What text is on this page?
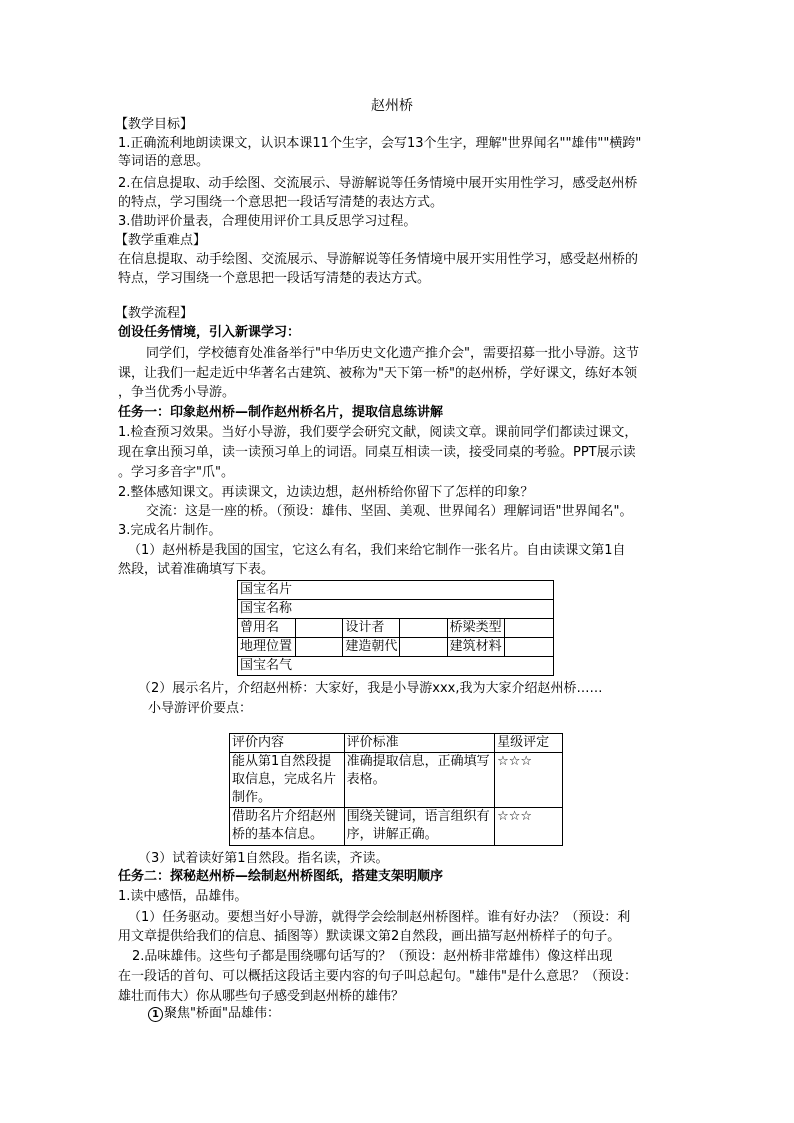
赵州桥
【教学目标】
1.正确流利地朗读课文，认识本课11个生字，会写13个生字，理解"世界闻名""雄伟""横跨"
等词语的意思。
2.在信息提取、动手绘图、交流展示、导游解说等任务情境中展开实用性学习，感受赵州桥
的特点，学习围绕一个意思把一段话写清楚的表达方式。
3.借助评价量表，合理使用评价工具反思学习过程。
【教学重难点】
在信息提取、动手绘图、交流展示、导游解说等任务情境中展开实用性学习，感受赵州桥的
特点，学习围绕一个意思把一段话写清楚的表达方式。
【教学流程】
创设任务情境，引入新课学习：
同学们，学校德育处准备举行"中华历史文化遗产推介会"，需要招募一批小导游。这节
课，让我们一起走近中华著名古建筑、被称为"天下第一桥"的赵州桥，学好课文，练好本领
，争当优秀小导游。
任务一：印象赵州桥—制作赵州桥名片，提取信息练讲解
1.检查预习效果。当好小导游，我们要学会研究文献，阅读文章。课前同学们都读过课文，
现在拿出预习单，读一读预习单上的词语。同桌互相读一读，接受同桌的考验。PPT展示读
。学习多音字"爪"。
2.整体感知课文。再读课文，边读边想，赵州桥给你留下了怎样的印象？
交流：这是一座的桥。（预设：雄伟、坚固、美观、世界闻名）理解词语"世界闻名"。
3.完成名片制作。
（1）赵州桥是我国的国宝，它这么有名，我们来给它制作一张名片。自由读课文第1自
然段，试着准确填写下表。
国宝名片					
国宝名称					
曾用名		设计者		桥梁类型	
地理位置		建造朝代		建筑材料	
国宝名气					
（2）展示名片，介绍赵州桥：大家好，我是小导游xxx,我为大家介绍赵州桥……
小导游评价要点：
评价内容	评价标准	星级评定
能从第1自然段提取信息，完成名片制作。	准确提取信息，正确填写表格。	☆☆☆
借助名片介绍赵州桥的基本信息。	围绕关键词，语言组织有序，讲解正确。	☆☆☆
（3）试着读好第1自然段。指名读，齐读。
任务二：探秘赵州桥—绘制赵州桥图纸，搭建支架明顺序
1.读中感悟，品雄伟。
（1）任务驱动。要想当好小导游，就得学会绘制赵州桥图样。谁有好办法？（预设：利
用文章提供给我们的信息、插图等）默读课文第2自然段，画出描写赵州桥样子的句子。
2.品味雄伟。这些句子都是围绕哪句话写的？（预设：赵州桥非常雄伟）像这样出现
在一段话的首句、可以概括这段话主要内容的句子叫总起句。"雄伟"是什么意思？（预设：
雄壮而伟大）你从哪些句子感受到赵州桥的雄伟？
1 聚焦"桥面"品雄伟：
